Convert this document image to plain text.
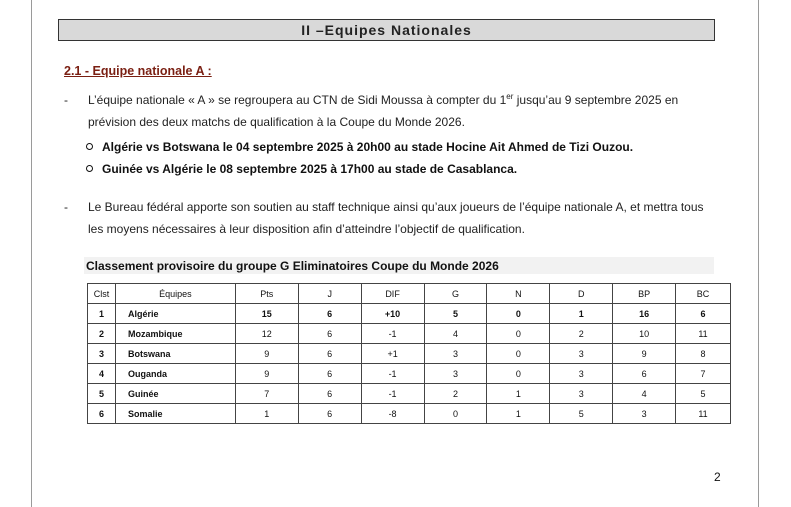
II –Equipes Nationales
2.1 - Equipe nationale A :
- L’équipe nationale « A » se regroupera au CTN de Sidi Moussa à compter du 1er jusqu’au 9 septembre 2025 en prévision des deux matchs de qualification à la Coupe du Monde 2026.
Algérie vs Botswana le 04 septembre 2025 à 20h00 au stade Hocine Ait Ahmed de Tizi Ouzou.
Guinée vs Algérie le 08 septembre 2025 à 17h00 au stade de Casablanca.
- Le Bureau fédéral apporte son soutien au staff technique ainsi qu’aux joueurs de l’équipe nationale A, et mettra tous les moyens nécessaires à leur disposition afin d’atteindre l’objectif de qualification.
Classement provisoire du groupe G Eliminatoires Coupe du Monde 2026
Clst	Équipes	Pts	J	DIF	G	N	D	BP	BC
1	Algérie	15	6	+10	5	0	1	16	6
2	Mozambique	12	6	-1	4	0	2	10	11
3	Botswana	9	6	+1	3	0	3	9	8
4	Ouganda	9	6	-1	3	0	3	6	7
5	Guinée	7	6	-1	2	1	3	4	5
6	Somalie	1	6	-8	0	1	5	3	11
2
